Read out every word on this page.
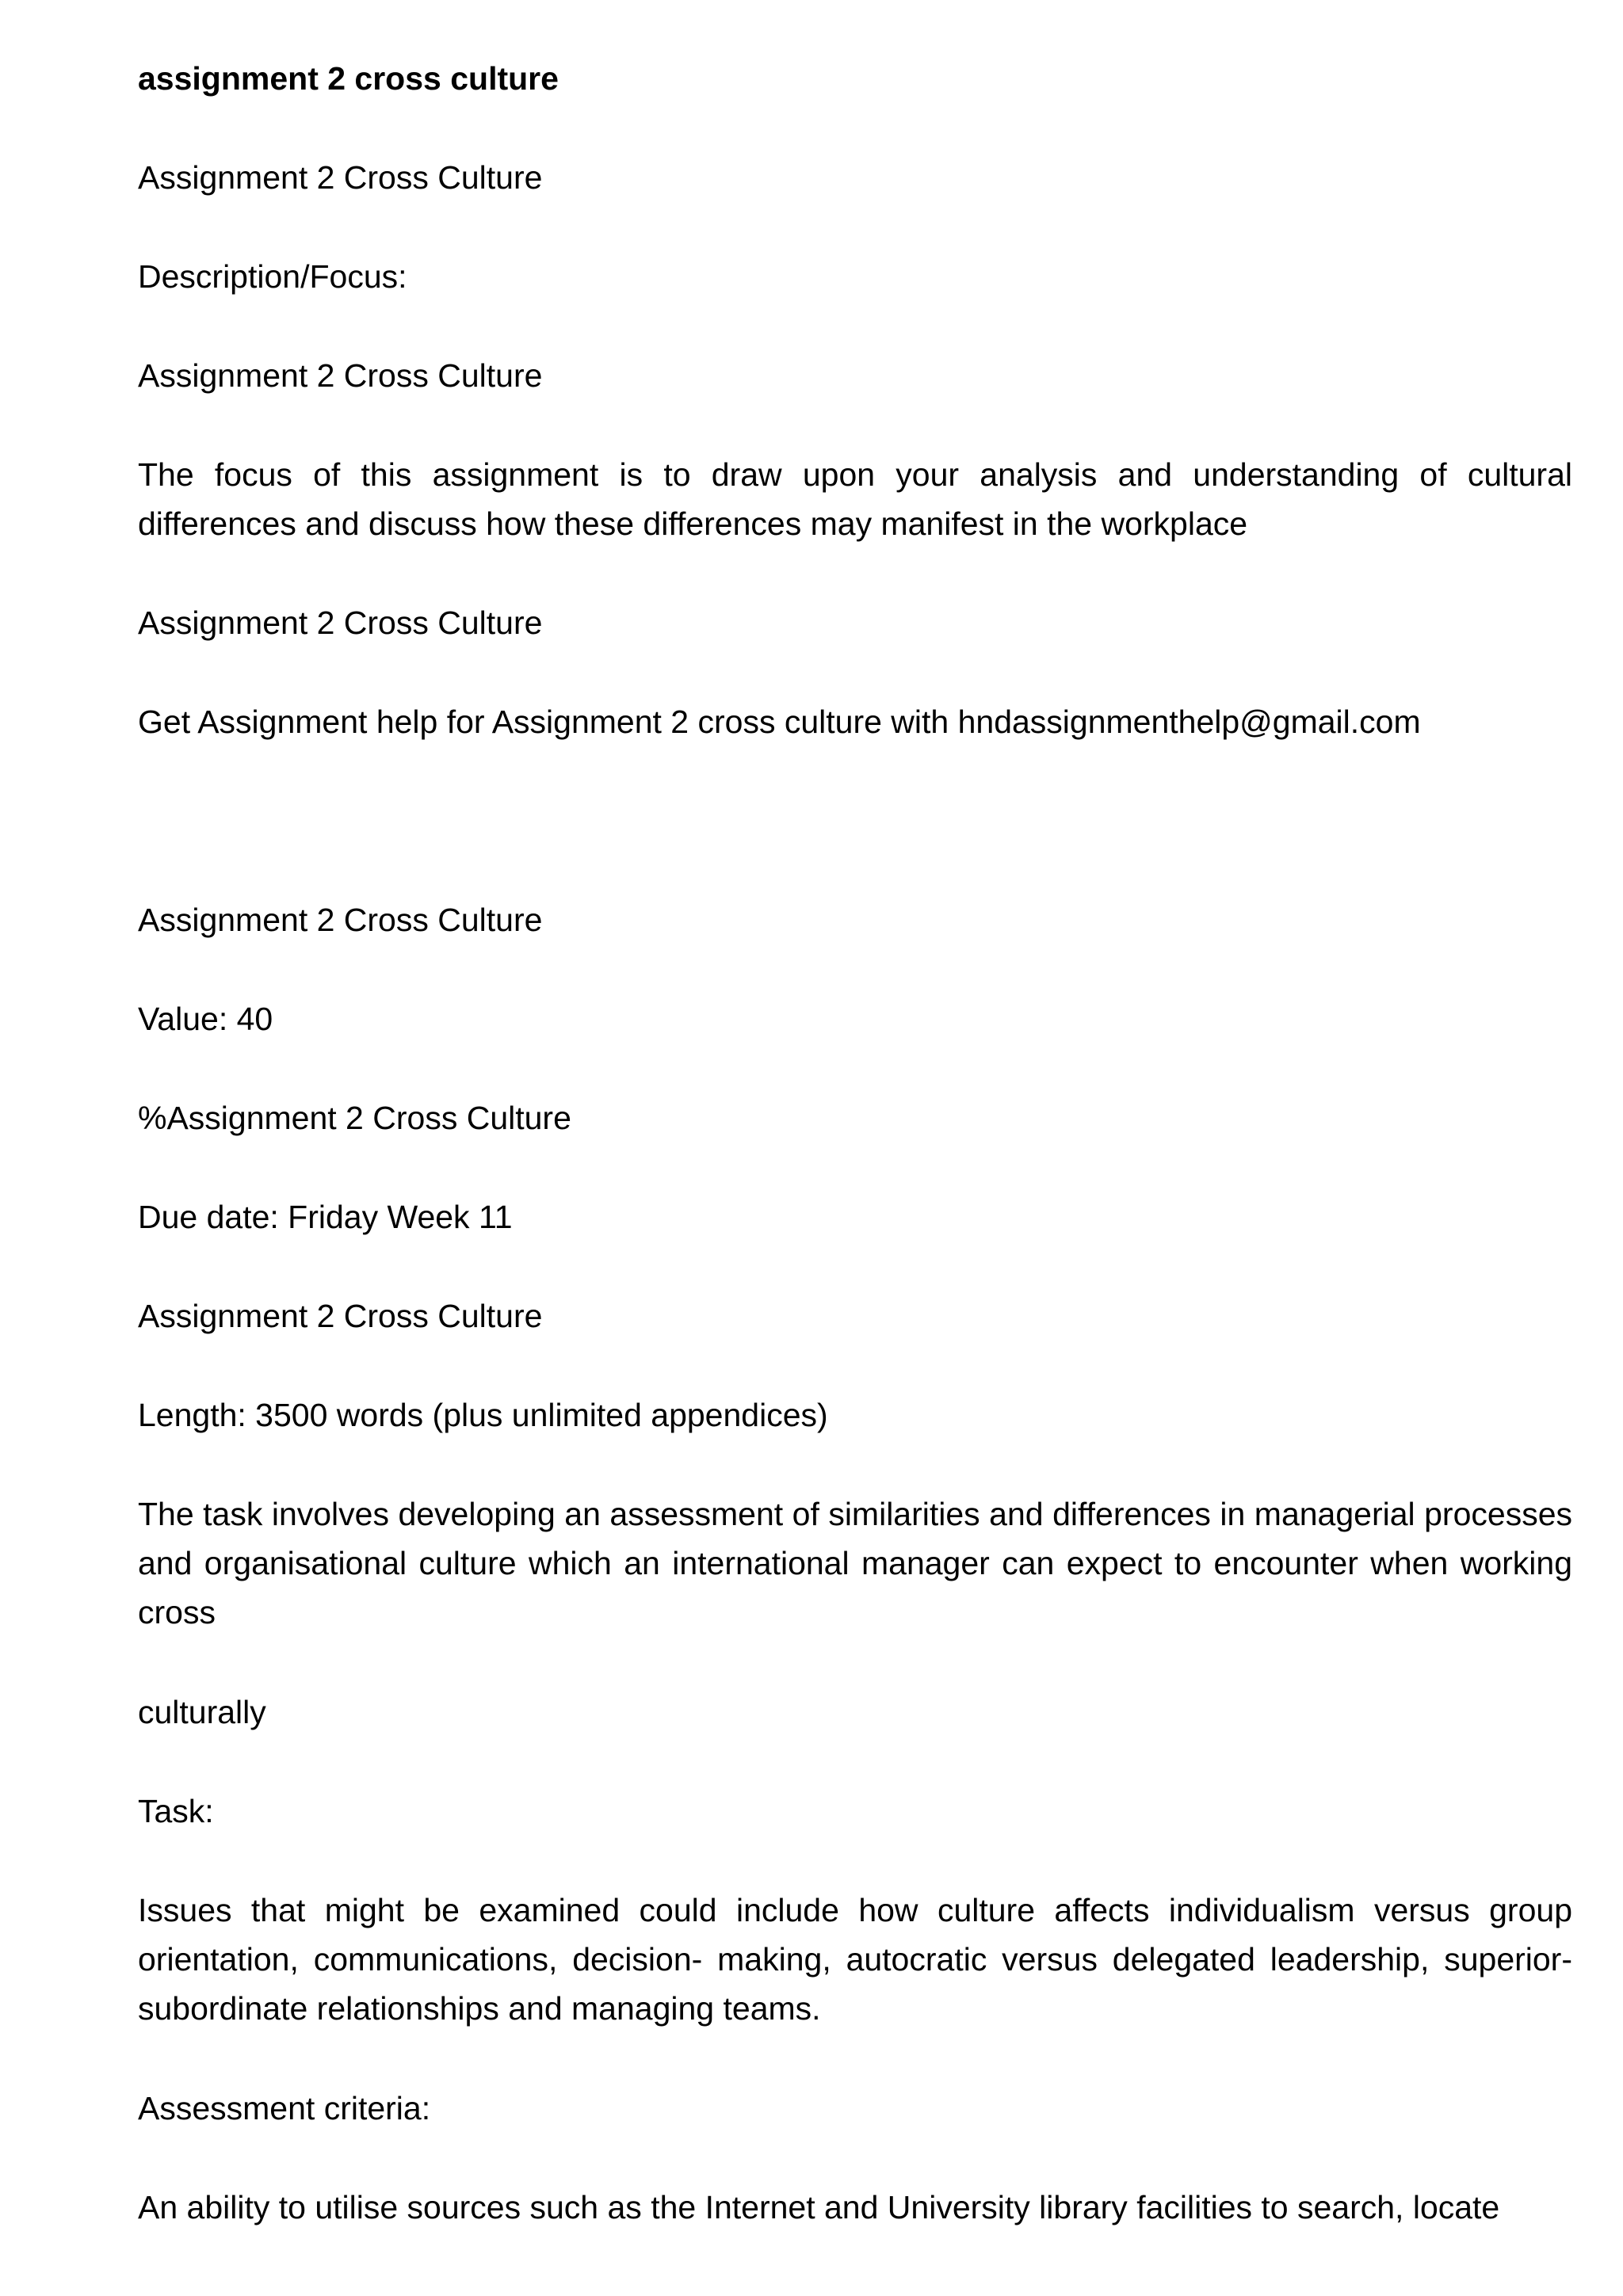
assignment 2 cross culture
Assignment 2 Cross Culture
Description/Focus:
Assignment 2 Cross Culture
The focus of this assignment is to draw upon your analysis and understanding of cultural differences and discuss how these differences may manifest in the workplace
Assignment 2 Cross Culture
Get Assignment help for Assignment 2 cross culture with hndassignmenthelp@gmail.com
Assignment 2 Cross Culture
Value: 40
%Assignment 2 Cross Culture
Due date: Friday Week 11
Assignment 2 Cross Culture
Length: 3500 words (plus unlimited appendices)
The task involves developing an assessment of similarities and differences in managerial processes and organisational culture which an international manager can expect to encounter when working cross
culturally
Task:
Issues that might be examined could include how culture affects individualism versus group orientation, communications, decision- making, autocratic versus delegated leadership, superior-subordinate relationships and managing teams.
Assessment criteria:
An ability to utilise sources such as the Internet and University library facilities to search, locate
